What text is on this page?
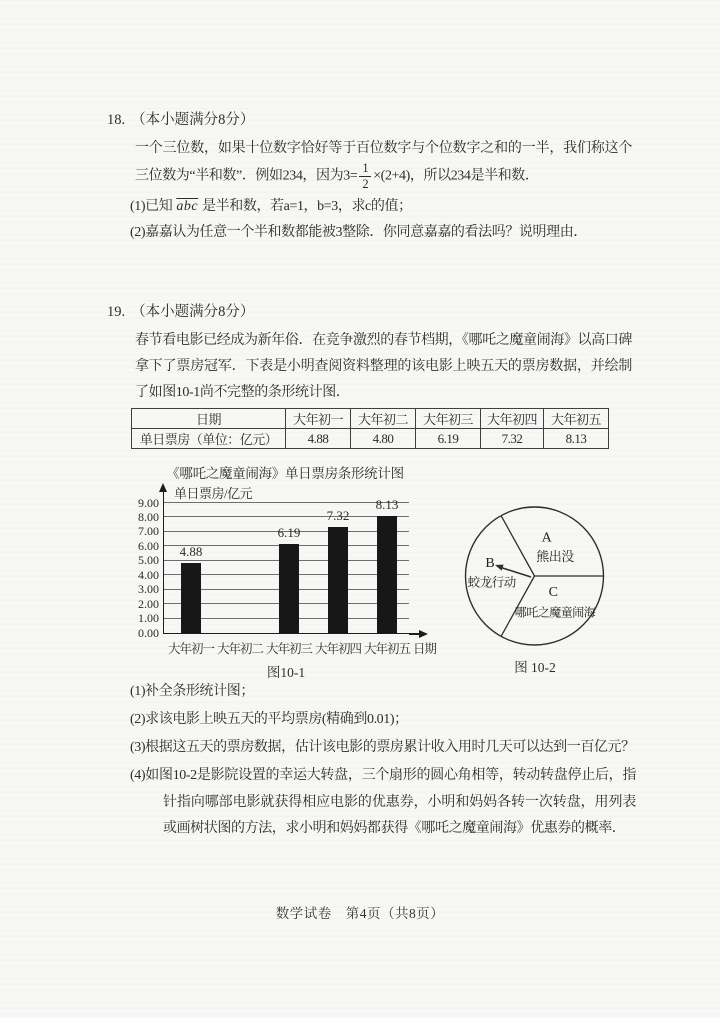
18. （本小题满分8分）
一个三位数，如果十位数字恰好等于百位数字与个位数字之和的一半，我们称这个三位数为“半和数”．例如234，因为$3= \frac{1}{2} \times(2+4)$，所以234是半和数．

(1)已知 $\overline{abc}$ 是半和数，若a=1，b=3，求c的值；

(2)嘉嘉认为任意一个半和数都能被3整除．你同意嘉嘉的看法吗？说明理由．

19. （本小题满分8分）
春节看电影已经成为新年俗．在竞争激烈的春节档期，《哪吒之魔童闹海》以高口碑拿下了票房冠军．下表是小明查阅资料整理的该电影上映五天的票房数据，并绘制了如图10-1尚不完整的条形统计图．
日期	大年初一	大年初二	大年初三	大年初四	大年初五
单日票房（单位：亿元）	4.88	4.80	6.19	7.32	8.13
《哪吒之魔童闹海》单日票房条形统计图
单日票房/亿元
日期
图10-1
0.00
1.00
2.00
3.00
4.00
5.00
6.00
7.00
8.00
9.00
大年初一
4.88
大年初二 大年初三
6.19
大年初四
7.32
大年初五
8.13
A
熊出没
B
蛟龙行动
C
哪吒之魔童闹海
图 10-2

(1)补全条形统计图；

(2)求该电影上映五天的平均票房(精确到0.01)；

(3)根据这五天的票房数据，估计该电影的票房累计收入用时几天可以达到一百亿元？

(4)如图10-2是影院设置的幸运大转盘，三个扇形的圆心角相等，转动转盘停止后，指针指向哪部电影就获得相应电影的优惠券，小明和妈妈各转一次转盘，用列表或画树状图的方法，求小明和妈妈都获得《哪吒之魔童闹海》优惠券的概率．

数学试卷　第4页（共8页）
